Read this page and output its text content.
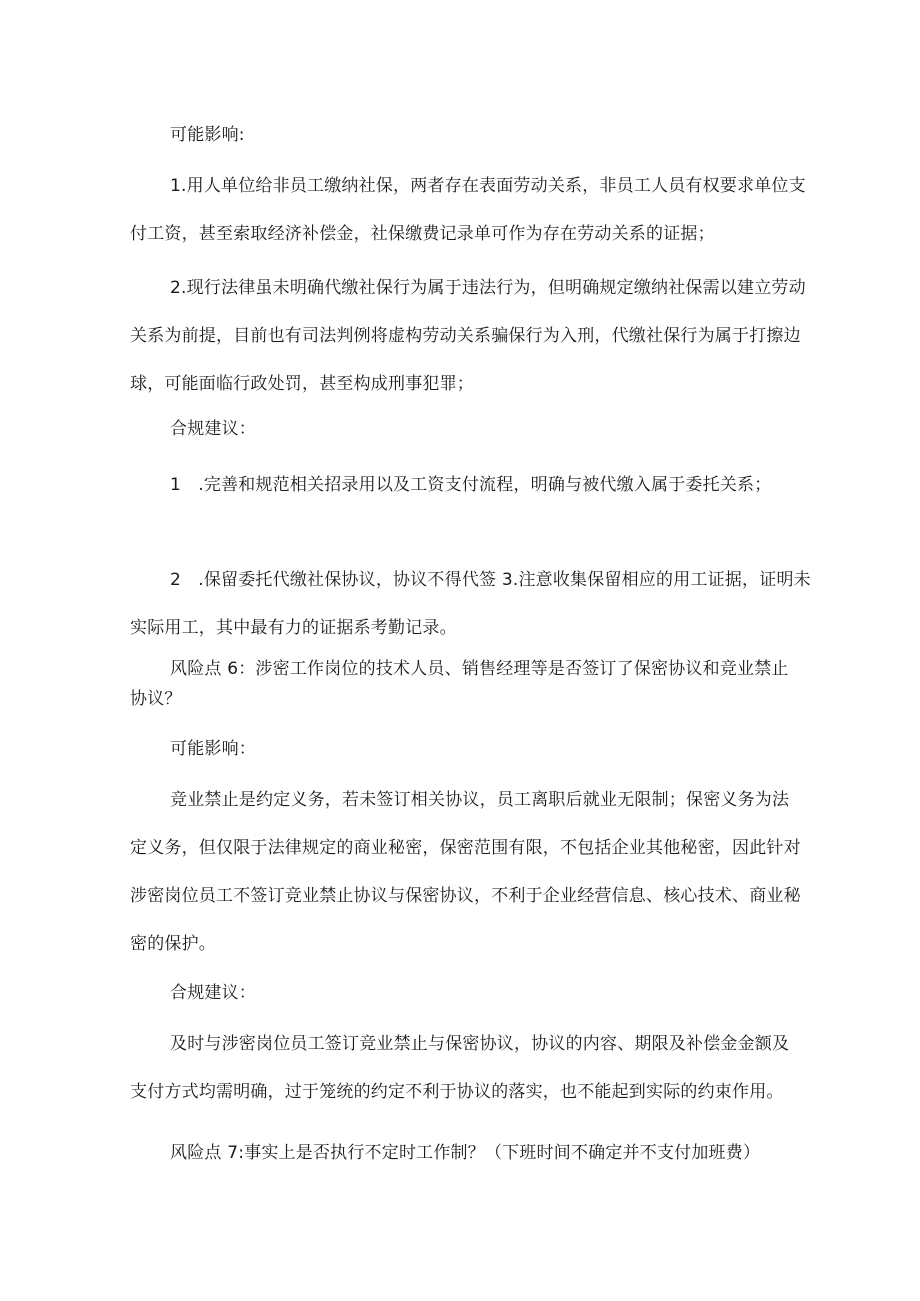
可能影响:

1.用人单位给非员工缴纳社保，两者存在表面劳动关系，非员工人员有权要求单位支
付工资，甚至索取经济补偿金，社保缴费记录单可作为存在劳动关系的证据；

2.现行法律虽未明确代缴社保行为属于违法行为，但明确规定缴纳社保需以建立劳动
关系为前提，目前也有司法判例将虚构劳动关系骗保行为入刑，代缴社保行为属于打擦边
球，可能面临行政处罚，甚至构成刑事犯罪；

合规建议：

1　.完善和规范相关招录用以及工资支付流程，明确与被代缴入属于委托关系；

2　.保留委托代缴社保协议，协议不得代签 3.注意收集保留相应的用工证据，证明未
实际用工，其中最有力的证据系考勤记录。

风险点 6：涉密工作岗位的技术人员、销售经理等是否签订了保密协议和竞业禁止
协议？

可能影响：

竞业禁止是约定义务，若未签订相关协议，员工离职后就业无限制；保密义务为法
定义务，但仅限于法律规定的商业秘密，保密范围有限，不包括企业其他秘密，因此针对
涉密岗位员工不签订竞业禁止协议与保密协议，不利于企业经营信息、核心技术、商业秘
密的保护。

合规建议：

及时与涉密岗位员工签订竞业禁止与保密协议，协议的内容、期限及补偿金金额及
支付方式均需明确，过于笼统的约定不利于协议的落实，也不能起到实际的约束作用。

风险点 7:事实上是否执行不定时工作制？（下班时间不确定并不支付加班费）
